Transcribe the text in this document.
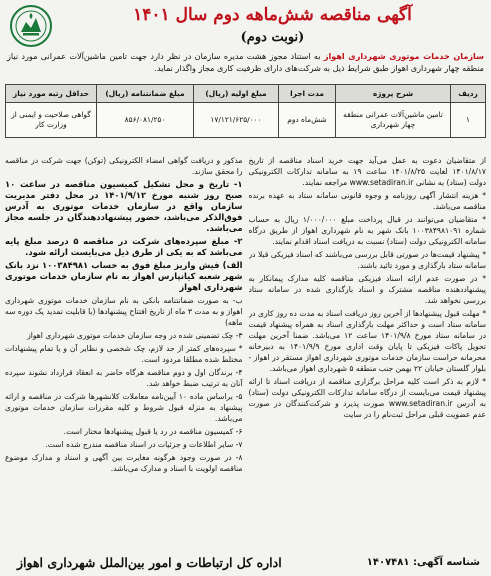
آگهی مناقصه شش‌ماهه دوم سال ۱۴۰۱
(نوبت دوم)
سازمان خدمات موتوری شهرداری اهواز به استناد مجوز هشت مدیره سازمان در نظر دارد جهت تامین ماشین‌آلات عمرانی مورد نیاز منطقه چهار شهرداری اهواز طبق شرایط ذیل به شرکت‌های دارای ظرفیت کاری مجاز واگذار نماید.
ردیف	شرح پروژه	مدت اجرا	مبلغ اولیه (ریال)	مبلغ ضمانتنامه (ریال)	حداقل رتبه مورد نیاز
۱	تامین ماشین‌آلات عمرانی منطقه چهار شهرداری	شش‌ماه دوم	۱۷/۱۲۱/۶۲۵/۰۰۰	۸۵۶/۰۸۱/۲۵۰	گواهی صلاحیت و ایمنی از وزارت کار

از متقاضیان دعوت به عمل می‌آید جهت خرید اسناد مناقصه از تاریخ ۱۴۰۱/۸/۱۷ لغایت ۱۴۰۱/۸/۲۵ ساعت ۱۹ به سامانه تدارکات الکترونیکی دولت (ستاد) به نشانی www.setadiran.ir مراجعه نمایند.

* هزینه انتشار آگهی روزنامه و وجوه قانونی سامانه ستاد به عهده برنده مناقصه می‌باشد.

* متقاضیان می‌توانند در قبال پرداخت مبلغ ۱/۰۰۰/۰۰۰ ریال به حساب شماره ۱۰۰۳۸۴۹۸۱۰۹۱ بانک شهر به نام شهرداری اهواز از طریق درگاه سامانه الکترونیکی دولت (ستاد) نسبت به دریافت اسناد اقدام نمایند.

* پیشنهاد قیمت‌ها در صورتی قابل بررسی می‌باشند که اسناد فیزیکی قبلا در سامانه ستاد بارگذاری و مورد تائید باشند.

* در صورت عدم ارائه اسناد فیزیکی مناقصه کلیه مدارک پیمانکار به پیشنهاددهنده مناقصه مشترک و اسناد بارگذاری شده در سامانه ستاد بررسی نخواهد شد.

* مهلت قبول پیشنهادها از آخرین روز دریافت اسناد به مدت ده روز کاری در سامانه ستاد است و حداکثر مهلت بارگذاری اسناد به همراه پیشنهاد قیمت در سامانه ستاد مورخ ۱۴۰۱/۹/۸ ساعت ۱۲ می‌باشد. ضمنا آخرین مهلت تحویل پاکات فیزیکی تا پایان وقت اداری مورخ ۱۴۰۱/۹/۹ به دبیرخانه محرمانه حراست سازمان خدمات موتوری شهرداری اهواز مستقر در اهواز - بلوار گلستان خیابان ۲۲ بهمن جنب منطقه ۵ شهرداری اهواز می‌باشد.

* لازم به ذکر است کلیه مراحل برگزاری مناقصه از دریافت اسناد تا ارائه پیشنهاد قیمت می‌بایست از درگاه سامانه تدارکات الکترونیکی دولت (ستاد) به آدرس www.setadiran.ir صورت پذیرد و شرکت‌کنندگان در صورت عدم عضویت قبلی مراحل ثبت‌نام را در سایت

مذکور و دریافت گواهی امضاء الکترونیکی (توکن) جهت شرکت در مناقصه را محقق سازند.

۱- تاریخ و محل تشکیل کمیسیون مناقصه در ساعت ۱۰ صبح روز شنبه مورخ ۱۴۰۱/۹/۱۲ در محل دفتر مدیریت سازمان واقع در سازمان خدمات موتوری به آدرس فوق‌الذکر می‌باشد، حضور پیشنهاددهندگان در جلسه مجاز می‌باشد.

۲- مبلغ سپرده‌های شرکت در مناقصه ۵ درصد مبلغ پایه می‌باشد که به یکی از طرق ذیل می‌بایست ارائه شود.

الف) فیش واریز مبلغ فوق به حساب ۱۰۰۳۸۴۹۸۱ نزد بانک شهر شعبه کیانپارس اهواز به نام سازمان خدمات موتوری شهرداری اهواز

ب- به صورت ضمانتنامه بانکی به نام سازمان خدمات موتوری شهرداری اهواز و به مدت ۳ ماه از تاریخ افتتاح پیشنهادها (با قابلیت تمدید یک دوره سه ماهه)

۳- چک تضمینی شده در وجه سازمان خدمات موتوری شهرداری اهواز

* سپرده‌های کمتر از حد لازم، چک شخصی و نظایر آن و یا تمام پیشنهادات مختلط شده مطلقا مردود است.

۴- برندگان اول و دوم مناقصه هرگاه حاضر به انعقاد قرارداد نشوند سپرده آنان به ترتیب ضبط خواهد شد.

۵- براساس ماده ۱۰ آیین‌نامه معاملات کلانشهرها شرکت در مناقصه و ارائه پیشنهاد به منزله قبول شروط و کلیه مقررات سازمان خدمات موتوری می‌باشد.

۶- کمیسیون مناقصه در رد یا قبول پیشنهادها مختار است.

۷- سایر اطلاعات و جزئیات در اسناد مناقصه مندرج شده است.

۸- در صورت وجود هرگونه مغایرت بین آگهی و اسناد و مدارک موضوع مناقصه اولویت با اسناد و مدارک می‌باشد.

شناسه آگهی: ۱۴۰۷۴۸۱
اداره کل ارتباطات و امور بین‌الملل شهرداری اهواز
